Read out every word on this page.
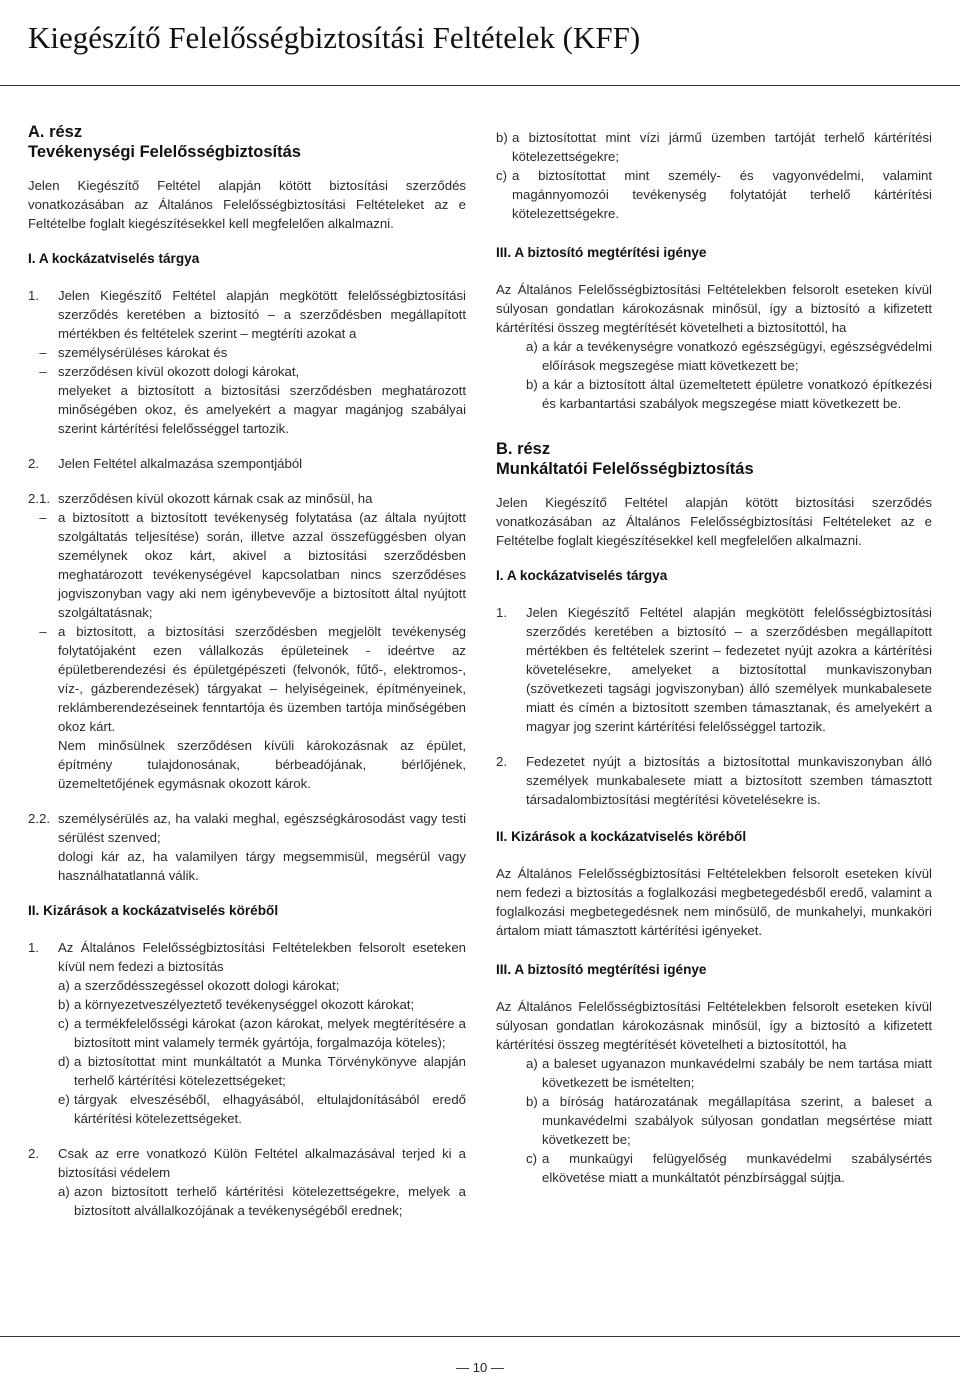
Kiegészítő Felelősségbiztosítási Feltételek (KFF)
A. rész
Tevékenységi Felelősségbiztosítás

Jelen Kiegészítő Feltétel alapján kötött biztosítási szerződés vonatkozásában az Általános Felelősségbiztosítási Feltételeket az e Feltételbe foglalt kiegészítésekkel kell megfelelően alkalmazni.

I. A kockázatviselés tárgya
1.	Jelen Kiegészítő Feltétel alapján megkötött felelősségbiztosítási szerződés keretében a biztosító – a szerződésben megállapított mértékben és feltételek szerint – megtéríti azokat a
– személysérüléses károkat és
– szerződésen kívül okozott dologi károkat,
melyeket a biztosított a biztosítási szerződésben meghatározott minőségében okoz, és amelyekért a magyar magánjog szabályai szerint kártérítési felelősséggel tartozik.
2.	Jelen Feltétel alkalmazása szempontjából
2.1. szerződésen kívül okozott kárnak csak az minősül, ha
– a biztosított a biztosított tevékenység folytatása (az általa nyújtott szolgáltatás teljesítése) során, illetve azzal összefüggésben olyan személynek okoz kárt, akivel a biztosítási szerződésben meghatározott tevékenységével kapcsolatban nincs szerződéses jogviszonyban vagy aki nem igénybevevője a biztosított által nyújtott szolgáltatásnak;
– a biztosított, a biztosítási szerződésben megjelölt tevékenység folytatójaként ezen vállalkozás épületeinek - ideértve az épületberendezési és épületgépészeti (felvonók, fűtő-, elektromos-, víz-, gázberendezések) tárgyakat – helyiségeinek, építményeinek, reklámberendezéseinek fenntartója és üzemben tartója minőségében okoz kárt.
Nem minősülnek szerződésen kívüli károkozásnak az épület, építmény tulajdonosának, bérbeadójának, bérlőjének, üzemeltetőjének egymásnak okozott károk.
2.2. személysérülés az, ha valaki meghal, egészségkárosodást vagy testi sérülést szenved;
dologi kár az, ha valamilyen tárgy megsemmisül, megsérül vagy használhatatlanná válik.
II. Kizárások a kockázatviselés köréből
1.	Az Általános Felelősségbiztosítási Feltételekben felsorolt eseteken kívül nem fedezi a biztosítás
a) a szerződésszegéssel okozott dologi károkat;
b) a környezetveszélyeztető tevékenységgel okozott károkat;
c) a termékfelelősségi károkat (azon károkat, melyek megtérítésére a biztosított mint valamely termék gyártója, forgalmazója köteles);
d) a biztosítottat mint munkáltatót a Munka Törvénykönyve alapján terhelő kártérítési kötelezettségeket;
e) tárgyak elveszéséből, elhagyásából, eltulajdonításából eredő kártérítési kötelezettségeket.
2.	Csak az erre vonatkozó Külön Feltétel alkalmazásával terjed ki a biztosítási védelem
a) azon biztosított terhelő kártérítési kötelezettségekre, melyek a biztosított alvállalkozójának a tevékenységéből erednek;
b) a biztosítottat mint vízi jármű üzemben tartóját terhelő kártérítési kötelezettségekre;
c) a biztosítottat mint személy- és vagyonvédelmi, valamint magánnyomozói tevékenység folytatóját terhelő kártérítési kötelezettségekre.
III. A biztosító megtérítési igénye
Az Általános Felelősségbiztosítási Feltételekben felsorolt eseteken kívül súlyosan gondatlan károkozásnak minősül, így a biztosító a kifizetett kártérítési összeg megtérítését követelheti a biztosítottól, ha
a) a kár a tevékenységre vonatkozó egészségügyi, egészségvédelmi előírások megszegése miatt következett be;
b) a kár a biztosított által üzemeltetett épületre vonatkozó építkezési és karbantartási szabályok megszegése miatt következett be.
B. rész
Munkáltatói Felelősségbiztosítás

Jelen Kiegészítő Feltétel alapján kötött biztosítási szerződés vonatkozásában az Általános Felelősségbiztosítási Feltételeket az e Feltételbe foglalt kiegészítésekkel kell megfelelően alkalmazni.

I. A kockázatviselés tárgya
1.	Jelen Kiegészítő Feltétel alapján megkötött felelősségbiztosítási szerződés keretében a biztosító – a szerződésben megállapított mértékben és feltételek szerint – fedezetet nyújt azokra a kártérítési követelésekre, amelyeket a biztosítottal munkaviszonyban (szövetkezeti tagsági jogviszonyban) álló személyek munkabalesete miatt és címén a biztosított szemben támasztanak, és amelyekért a magyar jog szerint kártérítési felelősséggel tartozik.
2.	Fedezetet nyújt a biztosítás a biztosítottal munkaviszonyban álló személyek munkabalesete miatt a biztosított szemben támasztott társadalombiztosítási megtérítési követelésekre is.
II. Kizárások a kockázatviselés köréből

Az Általános Felelősségbiztosítási Feltételekben felsorolt eseteken kívül nem fedezi a biztosítás a foglalkozási megbetegedésből eredő, valamint a foglalkozási megbetegedésnek nem minősülő, de munkahelyi, munkaköri ártalom miatt támasztott kártérítési igényeket.

III. A biztosító megtérítési igénye
Az Általános Felelősségbiztosítási Feltételekben felsorolt eseteken kívül súlyosan gondatlan károkozásnak minősül, így a biztosító a kifizetett kártérítési összeg megtérítését követelheti a biztosítottól, ha
a) a baleset ugyanazon munkavédelmi szabály be nem tartása miatt következett be ismételten;
b) a bíróság határozatának megállapítása szerint, a baleset a munkavédelmi szabályok súlyosan gondatlan megsértése miatt következett be;
c) a munkaügyi felügyelőség munkavédelmi szabálysértés elkövetése miatt a munkáltatót pénzbírsággal sújtja.
— 10 —
